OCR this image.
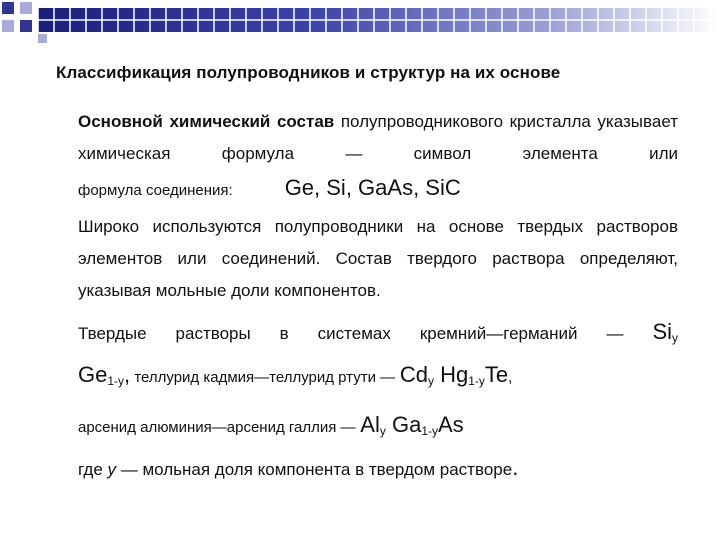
Классификация полупроводников и структур на их основе
Основной химический состав полупроводникового кристалла указывает химическая формула — символ элемента или
формула соединения: Ge, Si, GaAs, SiC
Широко используются полупроводники на основе твердых растворов элементов или соединений. Состав твердого раствора определяют, указывая мольные доли компонентов.
Твердые растворы в системах кремний—германий — $Si_y$
$Ge_{1-y}$, теллурид кадмия—теллурид ртути — $Cd_y$ $Hg_{1-y}Te$,
арсенид алюминия—арсенид галлия — $Al_y$ $Ga_{1-y}As$
где y — мольная доля компонента в твердом растворе.
